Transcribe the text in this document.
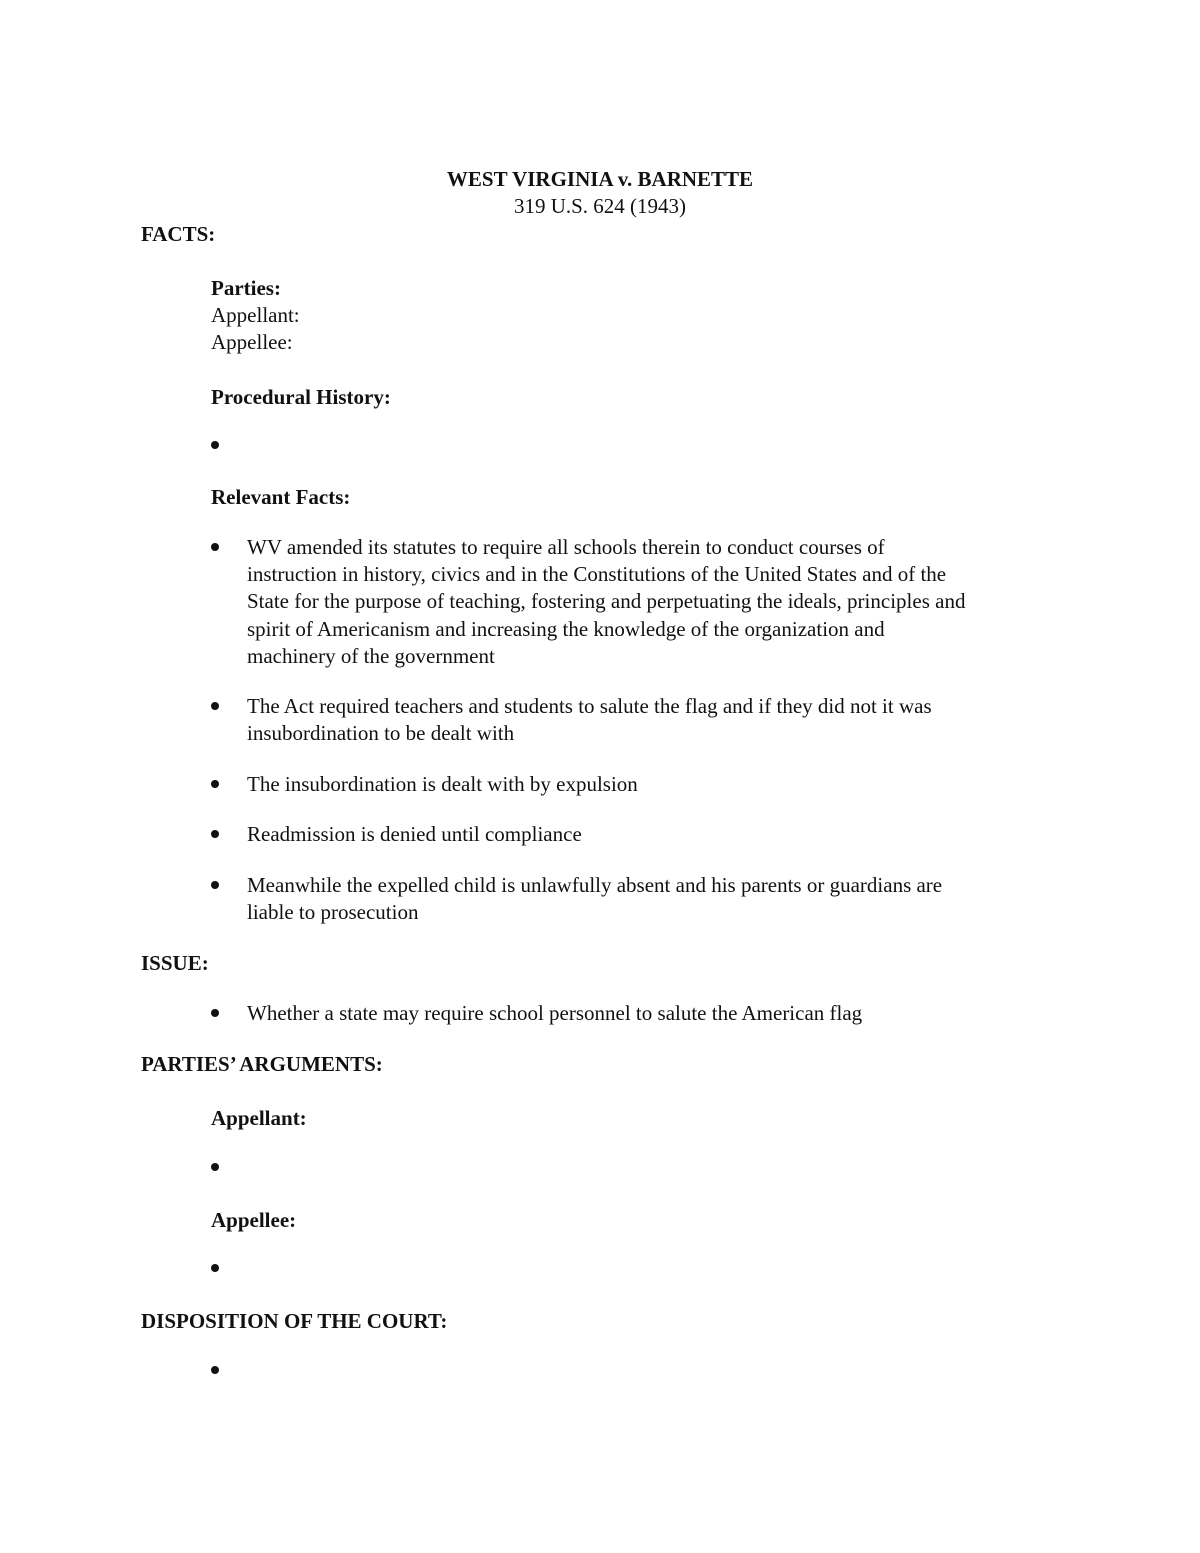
WEST VIRGINIA v. BARNETTE
319 U.S. 624 (1943)
FACTS:
Parties:
Appellant:
Appellee:
Procedural History:
Relevant Facts:
WV amended its statutes to require all schools therein to conduct courses of
instruction in history, civics and in the Constitutions of the United States and of the
State for the purpose of teaching, fostering and perpetuating the ideals, principles and
spirit of Americanism and increasing the knowledge of the organization and
machinery of the government
The Act required teachers and students to salute the flag and if they did not it was
insubordination to be dealt with
The insubordination is dealt with by expulsion
Readmission is denied until compliance
Meanwhile the expelled child is unlawfully absent and his parents or guardians are
liable to prosecution
ISSUE:
Whether a state may require school personnel to salute the American flag
PARTIES’ ARGUMENTS:
Appellant:
Appellee:
DISPOSITION OF THE COURT:
